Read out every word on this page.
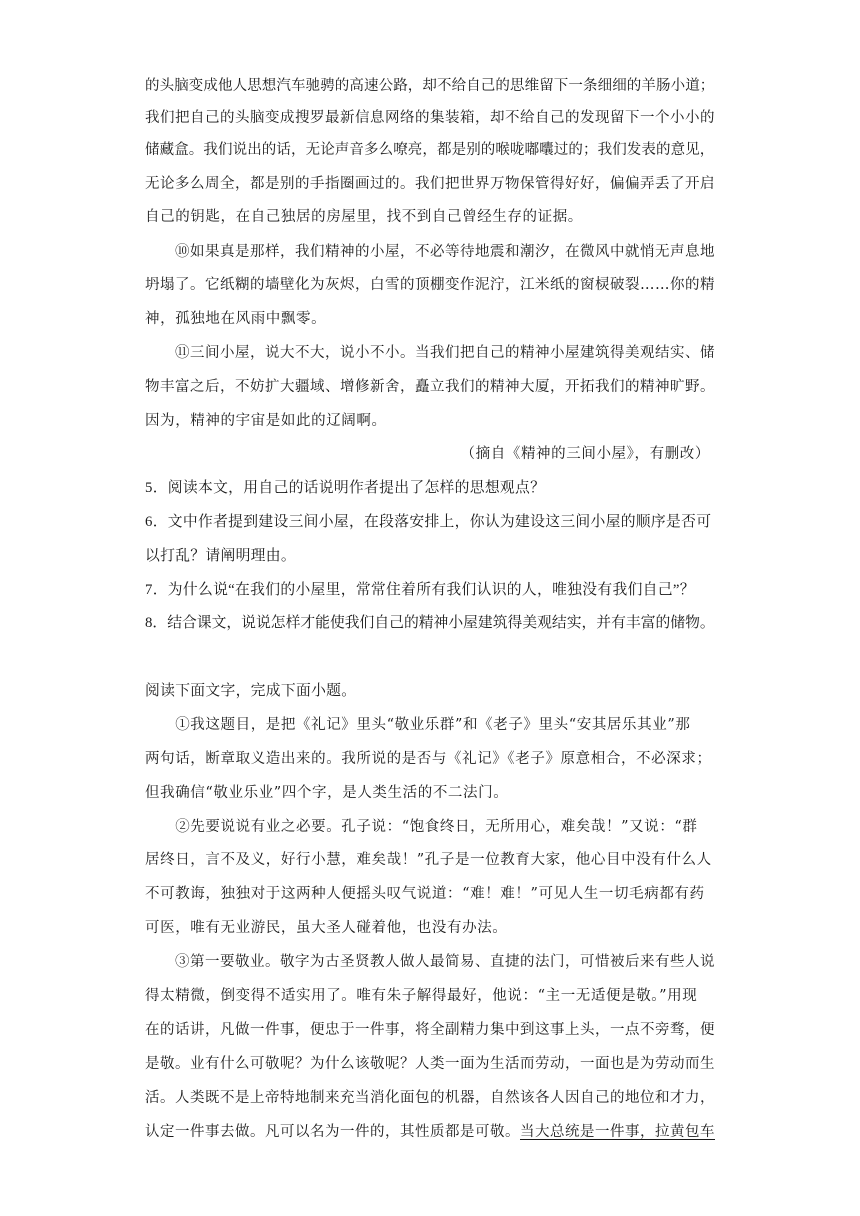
的头脑变成他人思想汽车驰骋的高速公路，却不给自己的思维留下一条细细的羊肠小道；
我们把自己的头脑变成搜罗最新信息网络的集装箱，却不给自己的发现留下一个小小的
储藏盒。我们说出的话，无论声音多么嘹亮，都是别的喉咙嘟囔过的；我们发表的意见，
无论多么周全，都是别的手指圈画过的。我们把世界万物保管得好好，偏偏弄丢了开启
自己的钥匙，在自己独居的房屋里，找不到自己曾经生存的证据。
　　⑩如果真是那样，我们精神的小屋，不必等待地震和潮汐，在微风中就悄无声息地
坍塌了。它纸糊的墙壁化为灰烬，白雪的顶棚变作泥泞，江米纸的窗棂破裂……你的精
神，孤独地在风雨中飘零。
　　⑪三间小屋，说大不大，说小不小。当我们把自己的精神小屋建筑得美观结实、储
物丰富之后，不妨扩大疆域、增修新舍，矗立我们的精神大厦，开拓我们的精神旷野。
因为，精神的宇宙是如此的辽阔啊。
（摘自《精神的三间小屋》，有删改）
5．阅读本文，用自己的话说明作者提出了怎样的思想观点？
6．文中作者提到建设三间小屋，在段落安排上，你认为建设这三间小屋的顺序是否可
以打乱？请阐明理由。
7．为什么说“在我们的小屋里，常常住着所有我们认识的人，唯独没有我们自己”？
8．结合课文，说说怎样才能使我们自己的精神小屋建筑得美观结实，并有丰富的储物。
阅读下面文字，完成下面小题。
　　①我这题目，是把《礼记》里头“敬业乐群”和《老子》里头“安其居乐其业”那
两句话，断章取义造出来的。我所说的是否与《礼记》《老子》原意相合，不必深求；
但我确信“敬业乐业”四个字，是人类生活的不二法门。
　　②先要说说有业之必要。孔子说：“饱食终日，无所用心，难矣哉！”又说：“群
居终日，言不及义，好行小慧，难矣哉！”孔子是一位教育大家，他心目中没有什么人
不可教诲，独独对于这两种人便摇头叹气说道：“难！难！”可见人生一切毛病都有药
可医，唯有无业游民，虽大圣人碰着他，也没有办法。
　　③第一要敬业。敬字为古圣贤教人做人最简易、直捷的法门，可惜被后来有些人说
得太精微，倒变得不适实用了。唯有朱子解得最好，他说：“主一无适便是敬。”用现
在的话讲，凡做一件事，便忠于一件事，将全副精力集中到这事上头，一点不旁骛，便
是敬。业有什么可敬呢？为什么该敬呢？人类一面为生活而劳动，一面也是为劳动而生
活。人类既不是上帝特地制来充当消化面包的机器，自然该各人因自己的地位和才力，
认定一件事去做。凡可以名为一件的，其性质都是可敬。当大总统是一件事，拉黄包车
